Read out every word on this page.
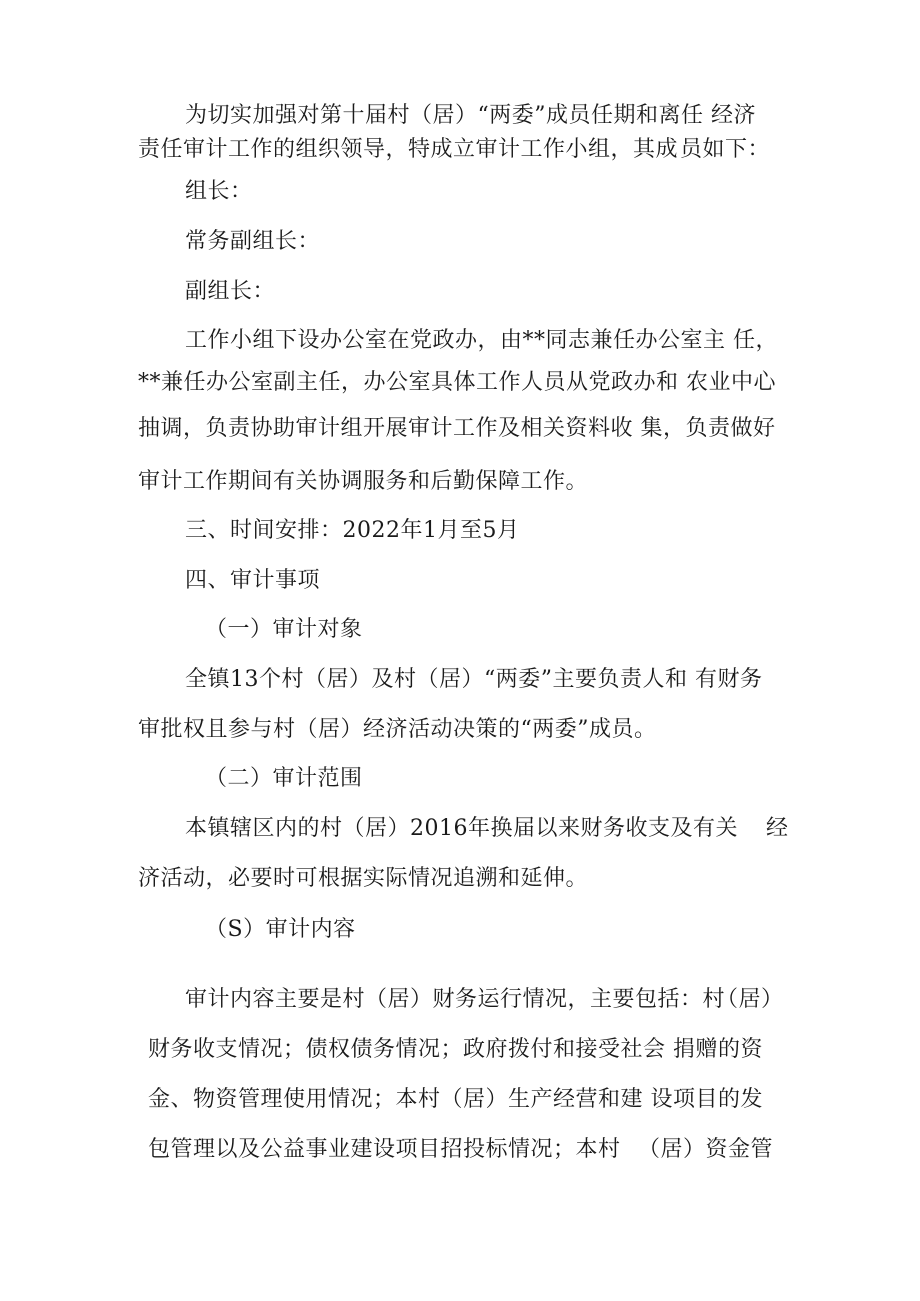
为切实加强对第十届村（居）“两委”成员任期和离任 经济
责任审计工作的组织领导，特成立审计工作小组，其成 员如下：
组长：
常务副组长：
副组长：
工作小组下设办公室在党政办，由**同志兼任办公室主 任，
**兼任办公室副主任，办公室具体工作人员从党政办和 农业中心
抽调，负责协助审计组开展审计工作及相关资料收 集，负责做好
审计工作期间有关协调服务和后勤保障工作。
三、时间安排：2022年1月至5月
四、审计事项
（一）审计对象
全镇13个村（居）及村（居）“两委”主要负责人和 有财务
审批权且参与村（居）经济活动决策的“两委”成员。
（二）审计范围
本镇辖区内的村（居）2016年换届以来财务收支及有关 经
济活动，必要时可根据实际情况追溯和延伸。
（S）审计内容
审计内容主要是村（居）财务运行情况，主要包括：村
（居）
财务收支情况；债权债务情况；政府拨付和接受社会 捐赠的资
金、物资管理使用情况；本村（居）生产经营和建 设项目的发
包管理以及公益事业建设项目招投标情况；本村 （居）资金管
